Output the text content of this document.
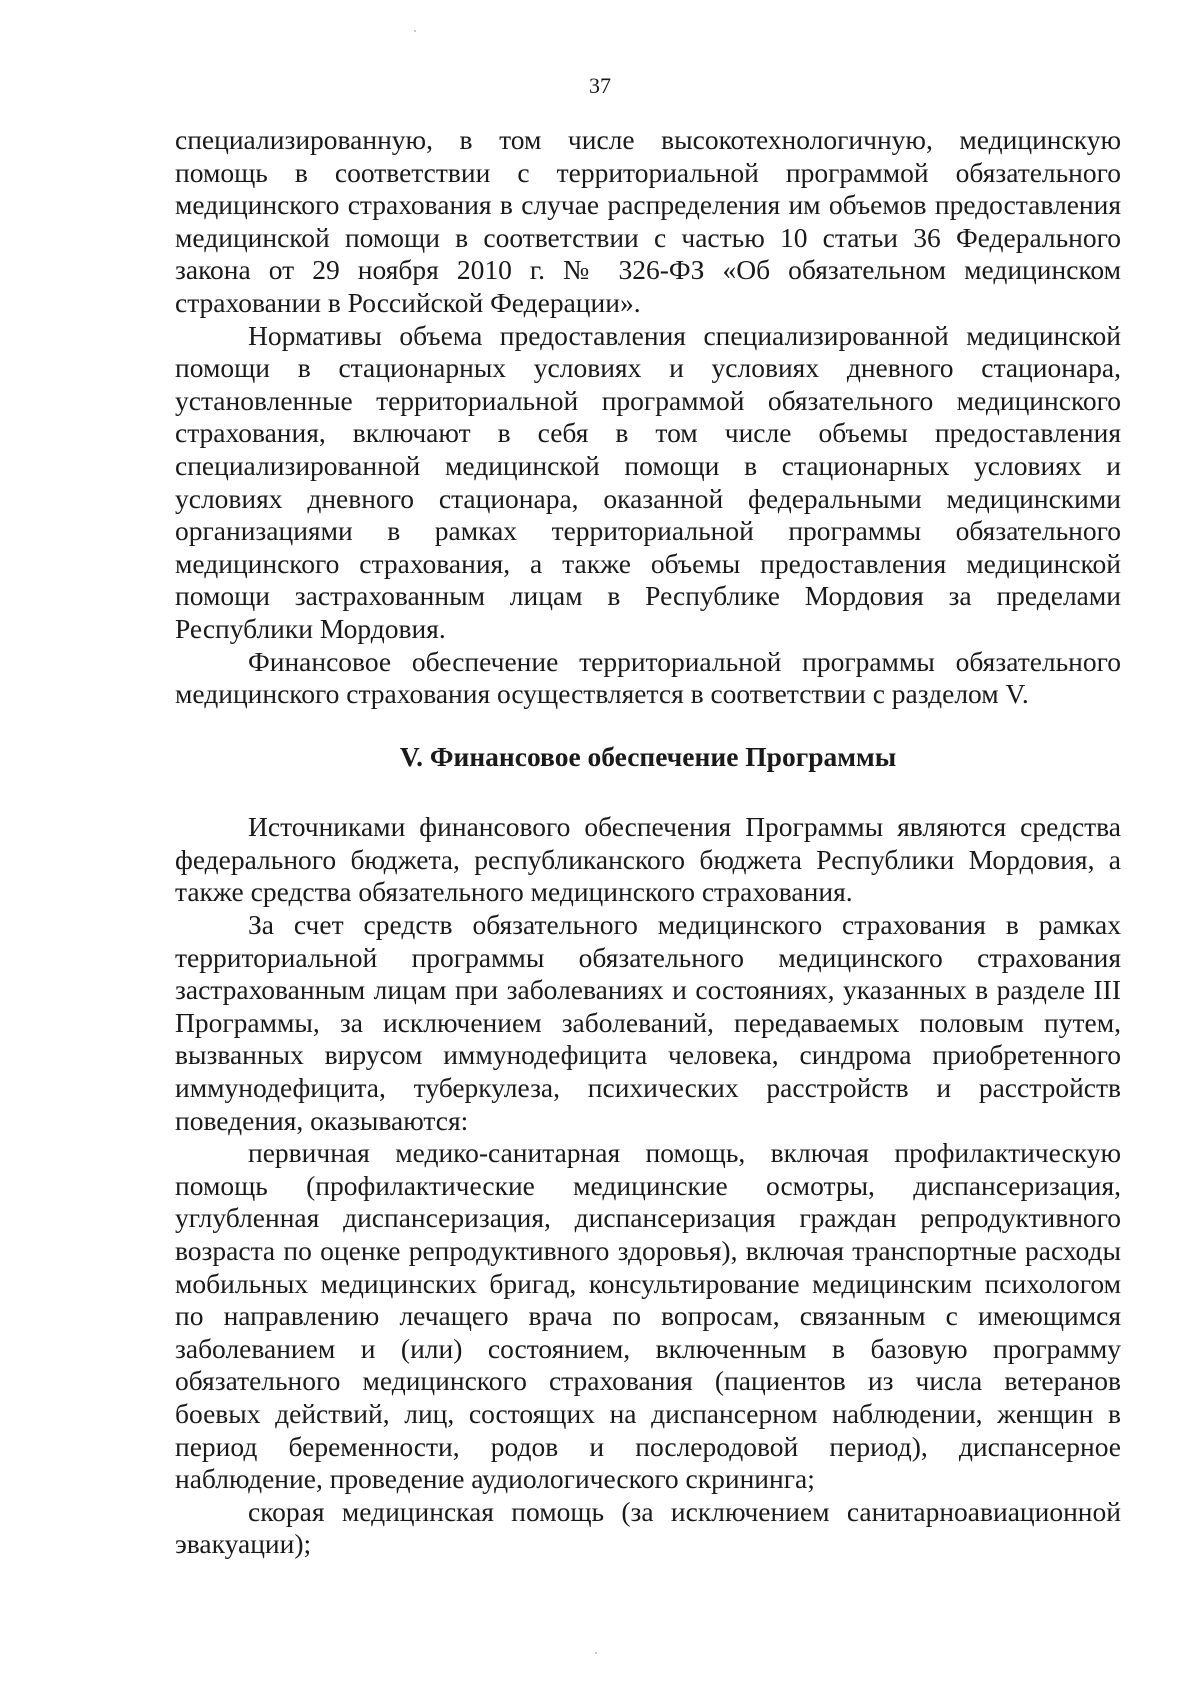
37

специализированную, в том числе высокотехнологичную, медицинскую помощь в соответствии с территориальной программой обязательного медицинского страхования в случае распределения им объемов предоставления медицинской помощи в соответствии с частью 10 статьи 36 Федерального закона от 29 ноября 2010 г. № 326-ФЗ «Об обязательном медицинском страховании в Российской Федерации».

Нормативы объема предоставления специализированной медицинской помощи в стационарных условиях и условиях дневного стационара, установленные территориальной программой обязательного медицинского страхования, включают в себя в том числе объемы предоставления специализированной медицинской помощи в стационарных условиях и условиях дневного стационара, оказанной федеральными медицинскими организациями в рамках территориальной программы обязательного медицинского страхования, а также объемы предоставления медицинской помощи застрахованным лицам в Республике Мордовия за пределами Республики Мордовия.

Финансовое обеспечение территориальной программы обязательного медицинского страхования осуществляется в соответствии с разделом V.

V. Финансовое обеспечение Программы

Источниками финансового обеспечения Программы являются средства федерального бюджета, республиканского бюджета Республики Мордовия, а также средства обязательного медицинского страхования.

За счет средств обязательного медицинского страхования в рамках территориальной программы обязательного медицинского страхования застрахованным лицам при заболеваниях и состояниях, указанных в разделе III Программы, за исключением заболеваний, передаваемых половым путем, вызванных вирусом иммунодефицита человека, синдрома приобретенного иммунодефицита, туберкулеза, психических расстройств и расстройств поведения, оказываются:

первичная медико-санитарная помощь, включая профилактическую помощь (профилактические медицинские осмотры, диспансеризация, углубленная диспансеризация, диспансеризация граждан репродуктивного возраста по оценке репродуктивного здоровья), включая транспортные расходы мобильных медицинских бригад, консультирование медицинским психологом по направлению лечащего врача по вопросам, связанным с имеющимся заболеванием и (или) состоянием, включенным в базовую программу обязательного медицинского страхования (пациентов из числа ветеранов боевых действий, лиц, состоящих на диспансерном наблюдении, женщин в период беременности, родов и послеродовой период), диспансерное наблюдение, проведение аудиологического скрининга;

скорая медицинская помощь (за исключением санитарноавиационной эвакуации);
